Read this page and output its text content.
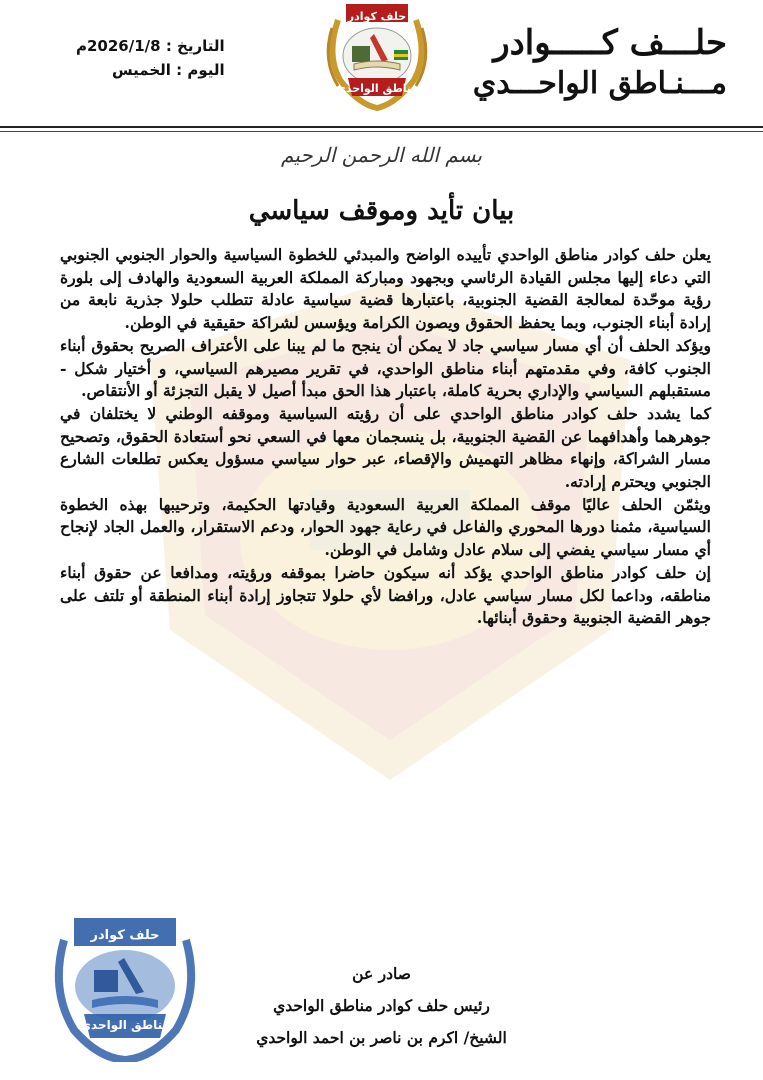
حلـــف كـــــوادر
مـــنـاطق الواحـــدي
حلف كوادر
مناطق الواحدي
التاريخ : 2026/1/8م
اليوم : الخميس
بسم الله الرحمن الرحيم
بيان تأيد وموقف سياسي

يعلن حلف كوادر مناطق الواحدي تأييده الواضح والمبدئي للخطوة السياسية والحوار الجنوبي الجنوبي التي دعاء إليها مجلس القيادة الرئاسي وبجهود ومباركة المملكة العربية السعودية والهادف إلى بلورة رؤية موحّدة لمعالجة القضية الجنوبية، باعتبارها قضية سياسية عادلة تتطلب حلولا جذرية نابعة من إرادة أبناء الجنوب، وبما يحفظ الحقوق ويصون الكرامة ويؤسس لشراكة حقيقية في الوطن.

ويؤكد الحلف أن أي مسار سياسي جاد لا يمكن أن ينجح ما لم يبنا على الأعتراف الصريح بحقوق أبناء الجنوب كافة، وفي مقدمتهم أبناء مناطق الواحدي، في تقرير مصيرهم السياسي، و أختيار شكل - مستقبلهم السياسي والإداري بحرية كاملة، باعتبار هذا الحق مبدأ أصيل لا يقبل التجزئة أو الأنتقاص.

كما يشدد حلف كوادر مناطق الواحدي على أن رؤيته السياسية وموقفه الوطني لا يختلفان في جوهرهما وأهدافهما عن القضية الجنوبية، بل ينسجمان معها في السعي نحو أستعادة الحقوق، وتصحيح مسار الشراكة، وإنهاء مظاهر التهميش والإقصاء، عبر حوار سياسي مسؤول يعكس تطلعات الشارع الجنوبي ويحترم إرادته.

ويثمّن الحلف عاليًا موقف المملكة العربية السعودية وقيادتها الحكيمة، وترحيبها بهذه الخطوة السياسية، مثمنا دورها المحوري والفاعل في رعاية جهود الحوار، ودعم الاستقرار، والعمل الجاد لإنجاح أي مسار سياسي يفضي إلى سلام عادل وشامل في الوطن.

إن حلف كوادر مناطق الواحدي يؤكد أنه سيكون حاضرا بموقفه ورؤيته، ومدافعا عن حقوق أبناء مناطقه، وداعما لكل مسار سياسي عادل، ورافضا لأي حلولا تتجاوز إرادة أبناء المنطقة أو تلتف على جوهر القضية الجنوبية وحقوق أبنائها.

صادر عن
رئيس حلف كوادر مناطق الواحدي
الشيخ/ اكرم بن ناصر بن احمد الواحدي
حلف كوادر
مناطق الواحدي
